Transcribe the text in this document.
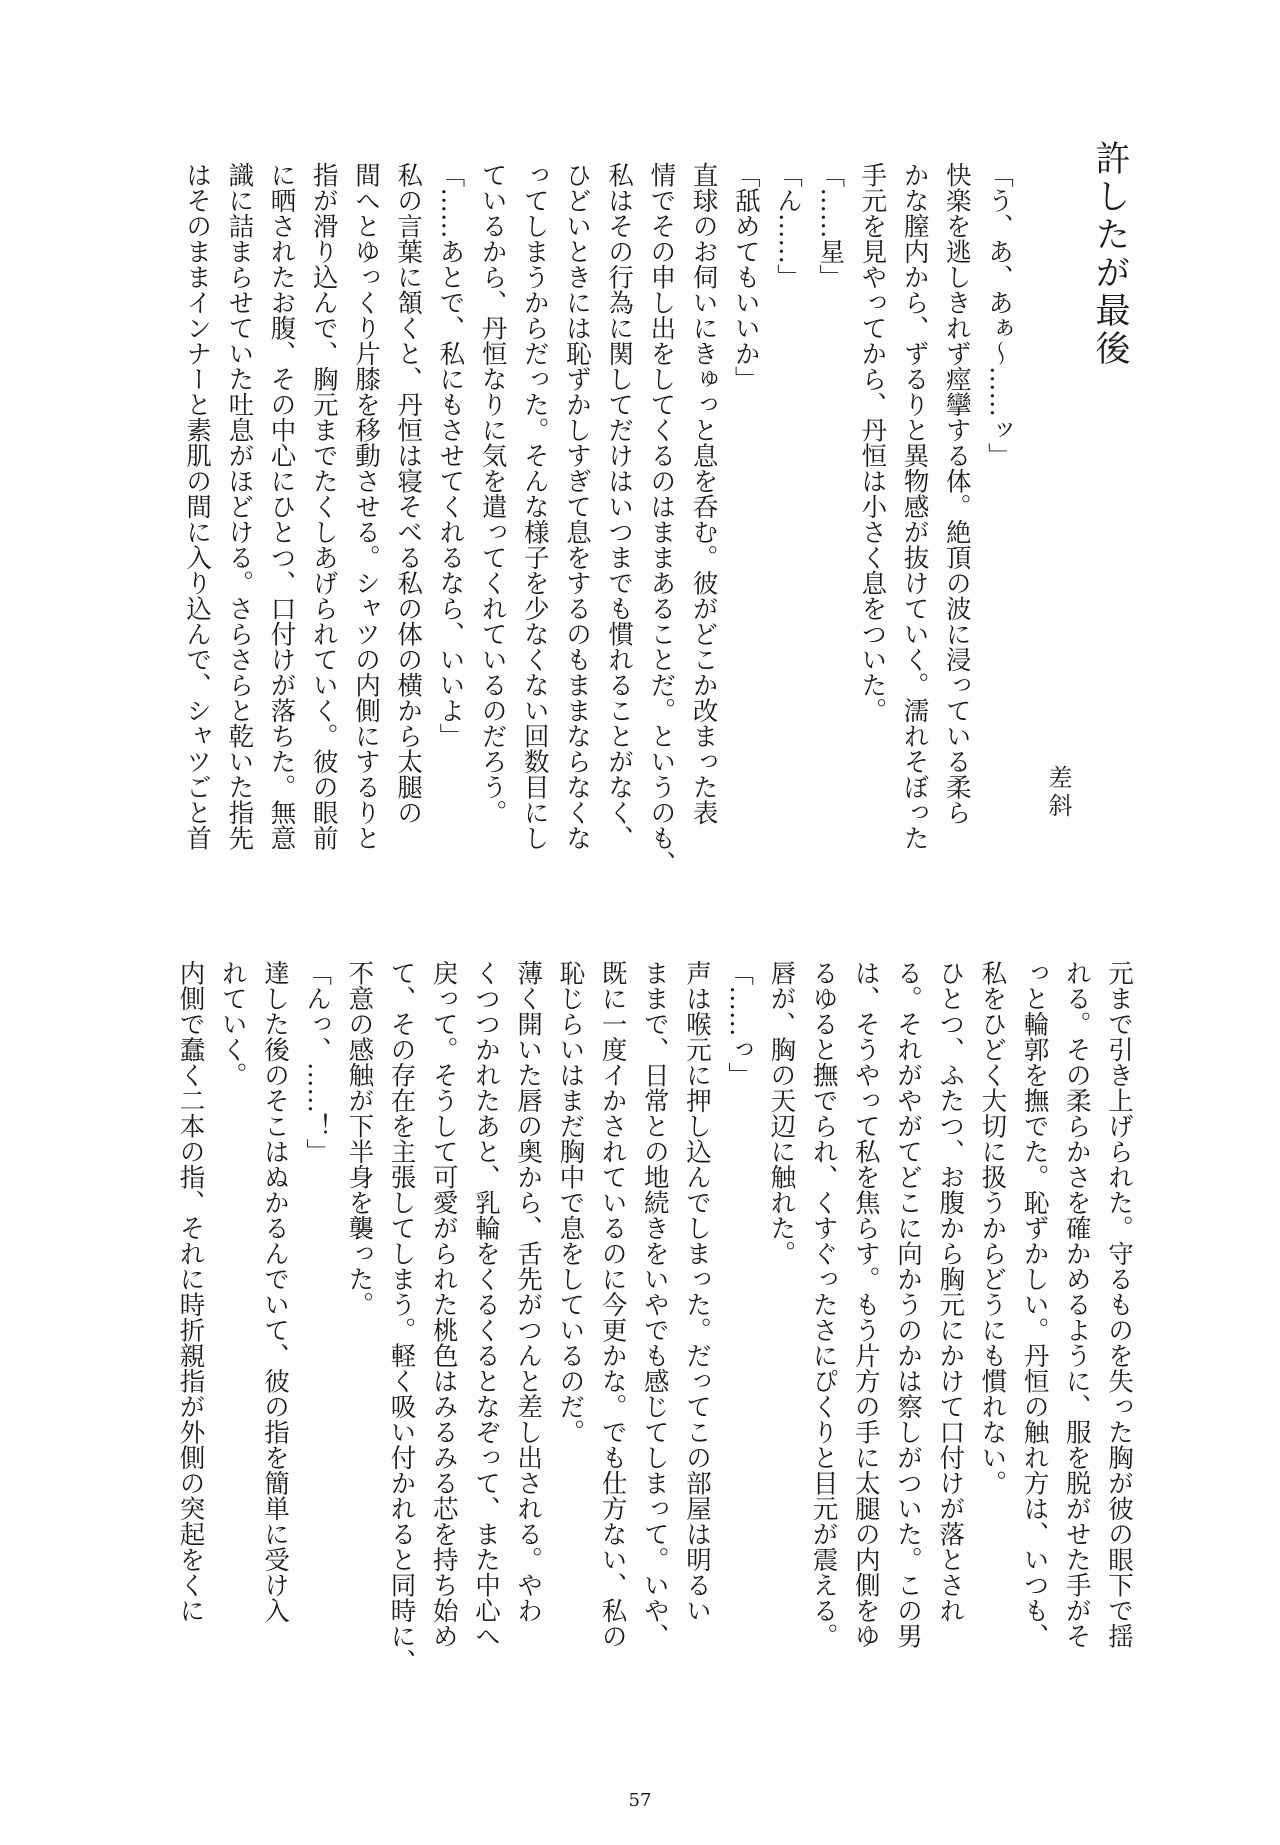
許したが最後
差斜

「う、あ、あぁ〜……ッ」

快楽を逃しきれず痙攣する体。絶頂の波に浸っている柔ら

かな膣内から、ずるりと異物感が抜けていく。濡れそぼった

手元を見やってから、丹恒は小さく息をついた。

「……星」

「ん……」

「舐めてもいいか」

直球のお伺いにきゅっと息を呑む。彼がどこか改まった表

情でその申し出をしてくるのはままあることだ。というのも、

私はその行為に関してだけはいつまでも慣れることがなく、

ひどいときには恥ずかしすぎて息をするのもままならなくな

ってしまうからだった。そんな様子を少なくない回数目にし

ているから、丹恒なりに気を遣ってくれているのだろう。

「……あとで、私にもさせてくれるなら、いいよ」

私の言葉に頷くと、丹恒は寝そべる私の体の横から太腿の

間へとゆっくり片膝を移動させる。シャツの内側にするりと

指が滑り込んで、胸元までたくしあげられていく。彼の眼前

に晒されたお腹、その中心にひとつ、口付けが落ちた。無意

識に詰まらせていた吐息がほどける。さらさらと乾いた指先

はそのままインナーと素肌の間に入り込んで、シャツごと首

元まで引き上げられた。守るものを失った胸が彼の眼下で揺

れる。その柔らかさを確かめるように、服を脱がせた手がそ

っと輪郭を撫でた。恥ずかしい。丹恒の触れ方は、いつも、

私をひどく大切に扱うからどうにも慣れない。

ひとつ、ふたつ、お腹から胸元にかけて口付けが落とされ

る。それがやがてどこに向かうのかは察しがついた。この男

は、そうやって私を焦らす。もう片方の手に太腿の内側をゆ

るゆると撫でられ、くすぐったさにぴくりと目元が震える。

唇が、胸の天辺に触れた。

「……っ」

声は喉元に押し込んでしまった。だってこの部屋は明るい

ままで、日常との地続きをいやでも感じてしまって。いや、

既に一度イかされているのに今更かな。でも仕方ない、私の

恥じらいはまだ胸中で息をしているのだ。

薄く開いた唇の奥から、舌先がつんと差し出される。やわ

くつつかれたあと、乳輪をくるくるとなぞって、また中心へ

戻って。そうして可愛がられた桃色はみるみる芯を持ち始め

て、その存在を主張してしまう。軽く吸い付かれると同時に、

不意の感触が下半身を襲った。

「んっ、……！」

達した後のそこはぬかるんでいて、彼の指を簡単に受け入

れていく。

内側で蠢く二本の指、それに時折親指が外側の突起をくに

57
